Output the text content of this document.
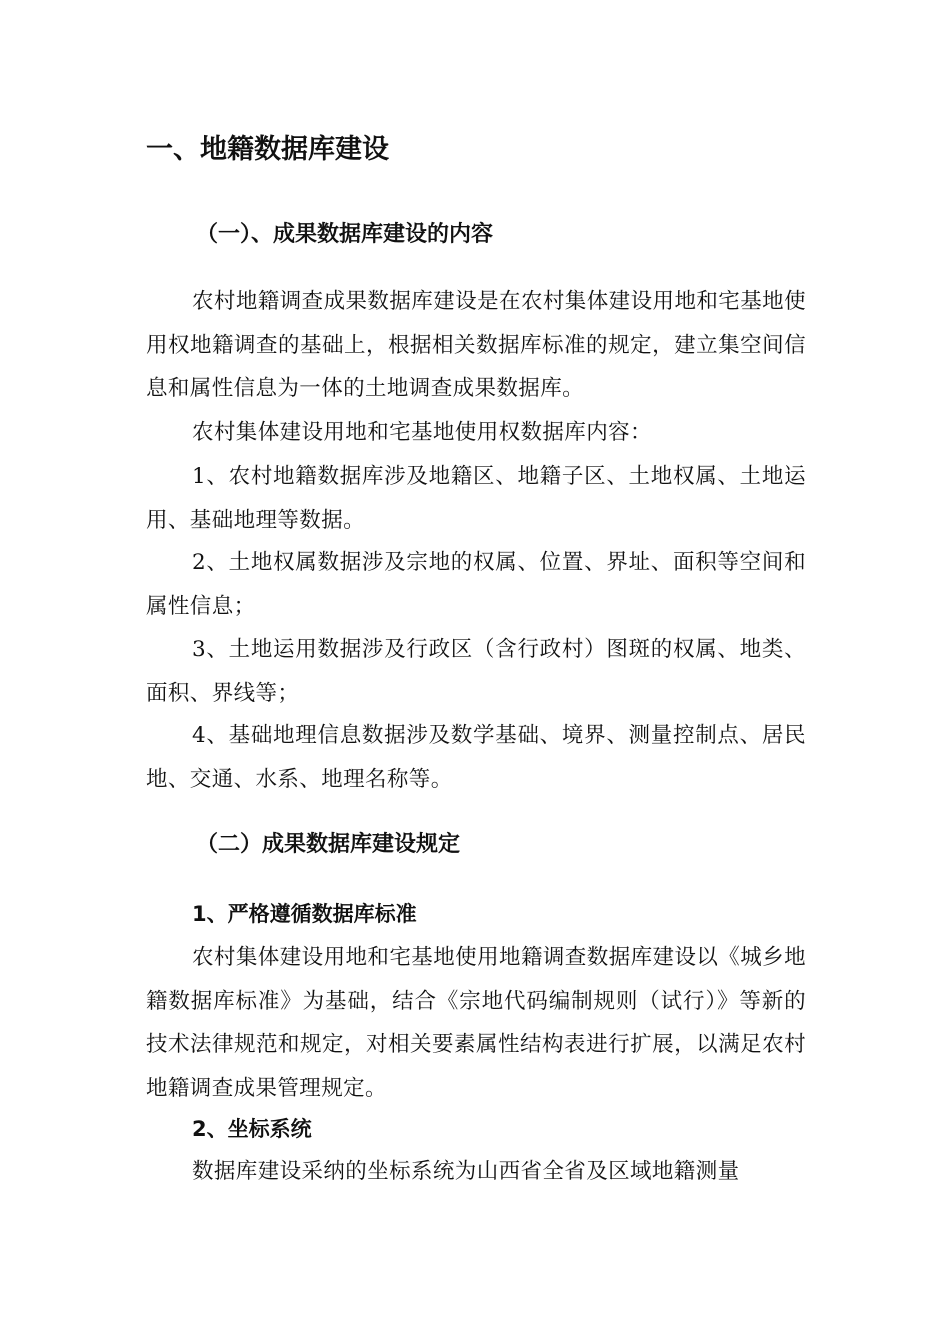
一、地籍数据库建设
（一）、成果数据库建设的内容

农村地籍调查成果数据库建设是在农村集体建设用地和宅基地使用权地籍调查的基础上，根据相关数据库标准的规定，建立集空间信息和属性信息为一体的土地调查成果数据库。

农村集体建设用地和宅基地使用权数据库内容：

1、农村地籍数据库涉及地籍区、地籍子区、土地权属、土地运用、基础地理等数据。

2、土地权属数据涉及宗地的权属、位置、界址、面积等空间和属性信息；

3、土地运用数据涉及行政区（含行政村）图斑的权属、地类、面积、界线等；

4、基础地理信息数据涉及数学基础、境界、测量控制点、居民地、交通、水系、地理名称等。

（二）成果数据库建设规定
1、严格遵循数据库标准

农村集体建设用地和宅基地使用地籍调查数据库建设以《城乡地籍数据库标准》为基础，结合《宗地代码编制规则（试行）》等新的技术法律规范和规定，对相关要素属性结构表进行扩展，以满足农村地籍调查成果管理规定。

2、坐标系统

数据库建设采纳的坐标系统为山西省全省及区域地籍测量
